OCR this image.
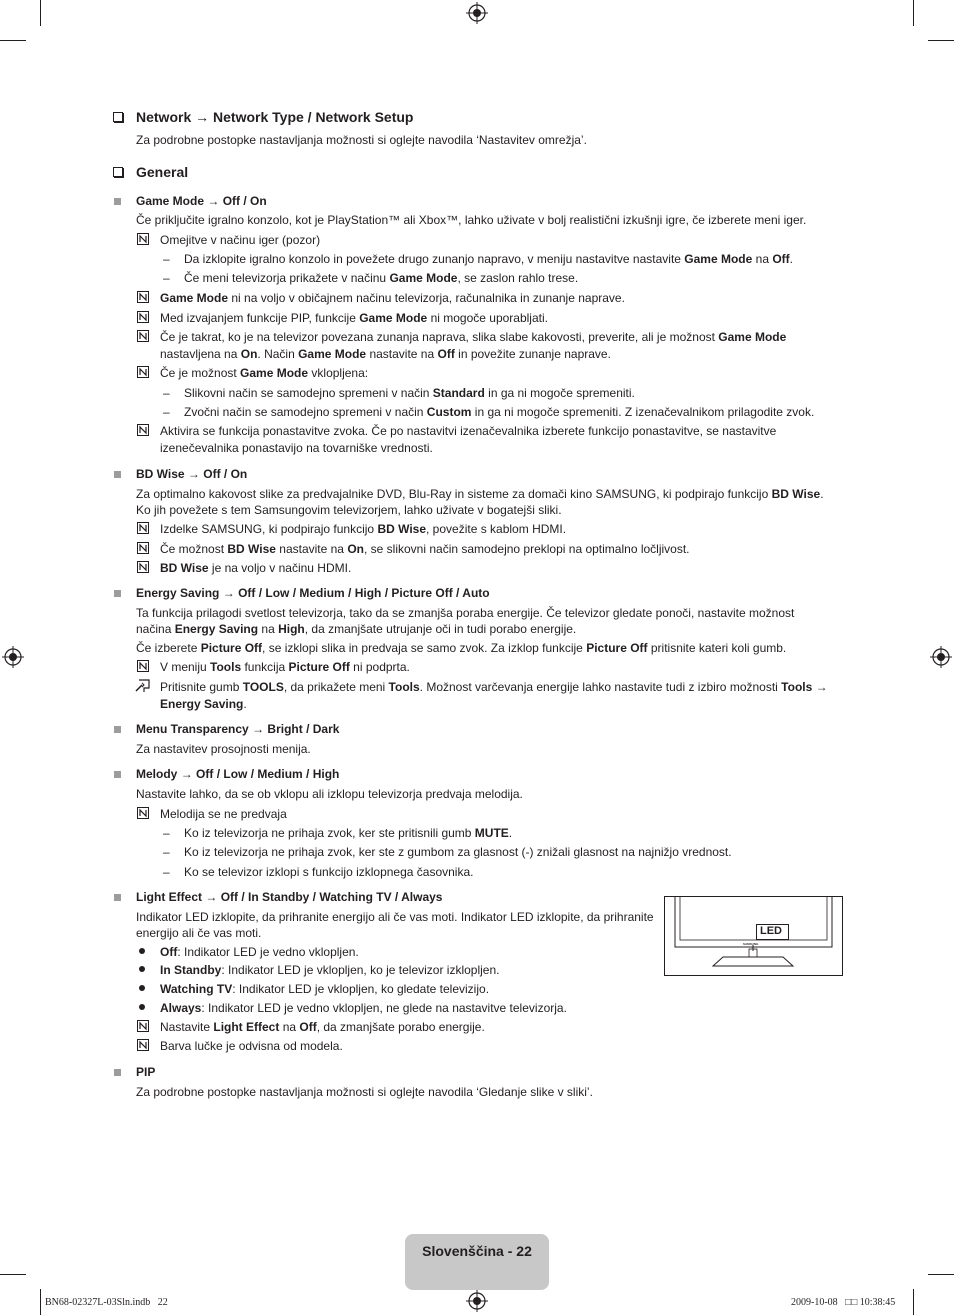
Network → Network Type / Network Setup
Za podrobne postopke nastavljanja možnosti si oglejte navodila ‘Nastavitev omrežja’.
General
Game Mode → Off / On
Če priključite igralno konzolo, kot je PlayStation™ ali Xbox™, lahko uživate v bolj realistični izkušnji igre, če izberete meni iger.
Omejitve v načinu iger (pozor)
– Da izklopite igralno konzolo in povežete drugo zunanjo napravo, v meniju nastavitve nastavite Game Mode na Off.
– Če meni televizorja prikažete v načinu Game Mode, se zaslon rahlo trese.
Game Mode ni na voljo v običajnem načinu televizorja, računalnika in zunanje naprave.
Med izvajanjem funkcije PIP, funkcije Game Mode ni mogoče uporabljati.
Če je takrat, ko je na televizor povezana zunanja naprava, slika slabe kakovosti, preverite, ali je možnost Game Mode
nastavljena na On. Način Game Mode nastavite na Off in povežite zunanje naprave.
Če je možnost Game Mode vklopljena:
– Slikovni način se samodejno spremeni v način Standard in ga ni mogoče spremeniti.
– Zvočni način se samodejno spremeni v način Custom in ga ni mogoče spremeniti. Z izenačevalnikom prilagodite zvok.
Aktivira se funkcija ponastavitve zvoka. Če po nastavitvi izenačevalnika izberete funkcijo ponastavitve, se nastavitve
izenečevalnika ponastavijo na tovarniške vrednosti.
BD Wise → Off / On
Za optimalno kakovost slike za predvajalnike DVD, Blu-Ray in sisteme za domači kino SAMSUNG, ki podpirajo funkcijo BD Wise.
Ko jih povežete s tem Samsungovim televizorjem, lahko uživate v bogatejši sliki.
Izdelke SAMSUNG, ki podpirajo funkcijo BD Wise, povežite s kablom HDMI.
Če možnost BD Wise nastavite na On, se slikovni način samodejno preklopi na optimalno ločljivost.
BD Wise je na voljo v načinu HDMI.
Energy Saving → Off / Low / Medium / High / Picture Off / Auto
Ta funkcija prilagodi svetlost televizorja, tako da se zmanjša poraba energije. Če televizor gledate ponoči, nastavite možnost
načina Energy Saving na High, da zmanjšate utrujanje oči in tudi porabo energije.
Če izberete Picture Off, se izklopi slika in predvaja se samo zvok. Za izklop funkcije Picture Off pritisnite kateri koli gumb.
V meniju Tools funkcija Picture Off ni podprta.
Pritisnite gumb TOOLS, da prikažete meni Tools. Možnost varčevanja energije lahko nastavite tudi z izbiro možnosti Tools →
Energy Saving.
Menu Transparency → Bright / Dark
Za nastavitev prosojnosti menija.
Melody → Off / Low / Medium / High
Nastavite lahko, da se ob vklopu ali izklopu televizorja predvaja melodija.
Melodija se ne predvaja
– Ko iz televizorja ne prihaja zvok, ker ste pritisnili gumb MUTE.
– Ko iz televizorja ne prihaja zvok, ker ste z gumbom za glasnost (-) znižali glasnost na najnižjo vrednost.
– Ko se televizor izklopi s funkcijo izklopnega časovnika.
Light Effect → Off / In Standby / Watching TV / Always
Indikator LED izklopite, da prihranite energijo ali če vas moti. Indikator LED izklopite, da prihranite
energijo ali če vas moti.
Off: Indikator LED je vedno vklopljen.
In Standby: Indikator LED je vklopljen, ko je televizor izklopljen.
Watching TV: Indikator LED je vklopljen, ko gledate televizijo.
Always: Indikator LED je vedno vklopljen, ne glede na nastavitve televizorja.
Nastavite Light Effect na Off, da zmanjšate porabo energije.
Barva lučke je odvisna od modela.
LED
SAMSUNG
PIP
Za podrobne postopke nastavljanja možnosti si oglejte navodila ‘Gledanje slike v sliki’.
Slovenščina - 22
BN68-02327L-03Sln.indb   22	2009-10-08   □□ 10:38:45
